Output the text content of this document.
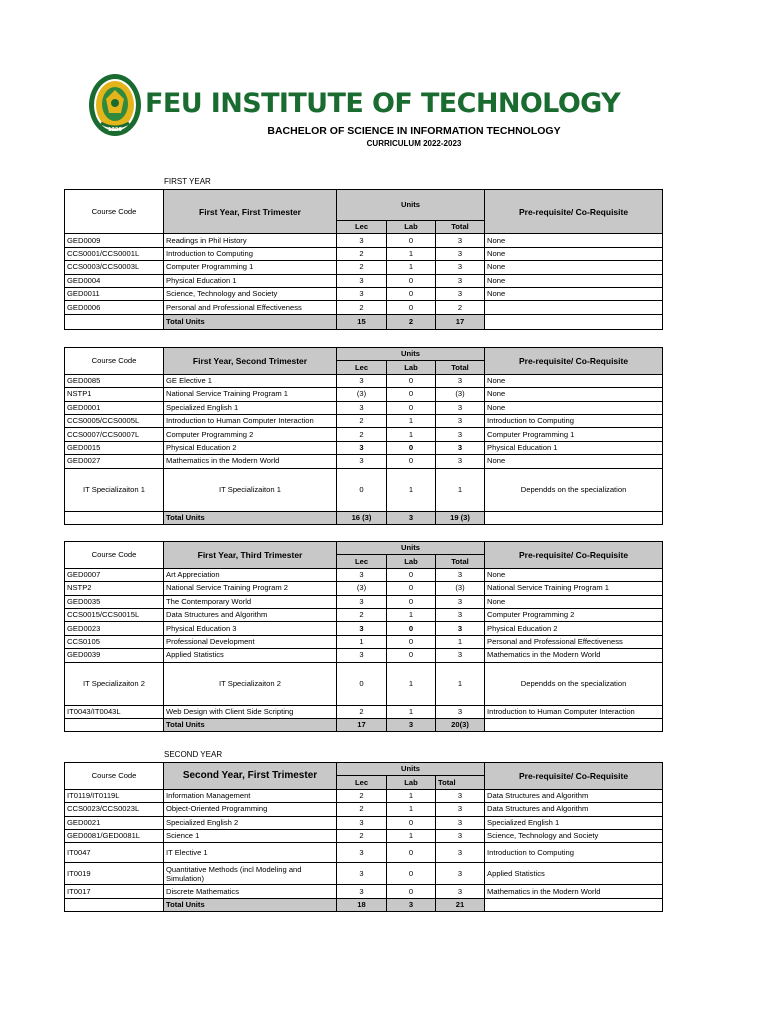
1990
FEU INSTITUTE OF TECHNOLOGY
BACHELOR OF SCIENCE IN INFORMATION TECHNOLOGY
CURRICULUM 2022-2023
FIRST YEAR
Course Code	First Year, First Trimester	Units			Pre-requisite/ Co-Requisite
		Lec	Lab	Total	
GED0009	Readings in Phil History	3	0	3	None
CCS0001/CCS0001L	Introduction to Computing	2	1	3	None
CCS0003/CCS0003L	Computer Programming 1	2	1	3	None
GED0004	Physical Education 1	3	0	3	None
GED0011	Science, Technology and Society	3	0	3	None
GED0006	Personal and Professional Effectiveness	2	0	2	
	Total Units	15	2	17	
Course Code	First Year, Second Trimester	Units			Pre-requisite/ Co-Requisite
		Lec	Lab	Total	
GED0085	GE Elective 1	3	0	3	None
NSTP1	National Service Training Program 1	(3)	0	(3)	None
GED0001	Specialized English 1	3	0	3	None
CCS0005/CCS0005L	Introduction to Human Computer Interaction	2	1	3	Introduction to Computing
CCS0007/CCS0007L	Computer Programming 2	2	1	3	Computer Programming 1
GED0015	Physical Education 2	3	0	3	Physical Education 1
GED0027	Mathematics in the Modern World	3	0	3	None
IT Specializaiton 1	IT Specializaiton 1	0	1	1	Dependds on the specialization
	Total Units	16 (3)	3	19 (3)	
Course Code	First Year, Third Trimester	Units			Pre-requisite/ Co-Requisite
		Lec	Lab	Total	
GED0007	Art Appreciation	3	0	3	None
NSTP2	National Service Training Program 2	(3)	0	(3)	National Service Training Program 1
GED0035	The Contemporary World	3	0	3	None
CCS0015/CCS0015L	Data Structures and Algorithm	2	1	3	Computer Programming 2
GED0023	Physical Education 3	3	0	3	Physical Education 2
CCS0105	Professional Development	1	0	1	Personal and Professional Effectiveness
GED0039	Applied Statistics	3	0	3	Mathematics in the Modern World
IT Specializaiton 2	IT Specializaiton 2	0	1	1	Dependds on the specialization
IT0043/IT0043L	Web Design with Client Side Scripting	2	1	3	Introduction to Human Computer Interaction
	Total Units	17	3	20(3)	
SECOND YEAR
Course Code	Second Year, First Trimester	Units			Pre-requisite/ Co-Requisite
		Lec	Lab	Total	
IT0119/IT0119L	Information Management	2	1	3	Data Structures and Algorithm
CCS0023/CCS0023L	Object-Oriented Programming	2	1	3	Data Structures and Algorithm
GED0021	Specialized English 2	3	0	3	Specialized English 1
GED0081/GED0081L	Science 1	2	1	3	Science, Technology and Society
IT0047	IT Elective 1	3	0	3	Introduction to Computing
IT0019	Quantitative Methods (incl Modeling and Simulation)	3	0	3	Applied Statistics
IT0017	Discrete Mathematics	3	0	3	Mathematics in the Modern World
	Total Units	18	3	21	
